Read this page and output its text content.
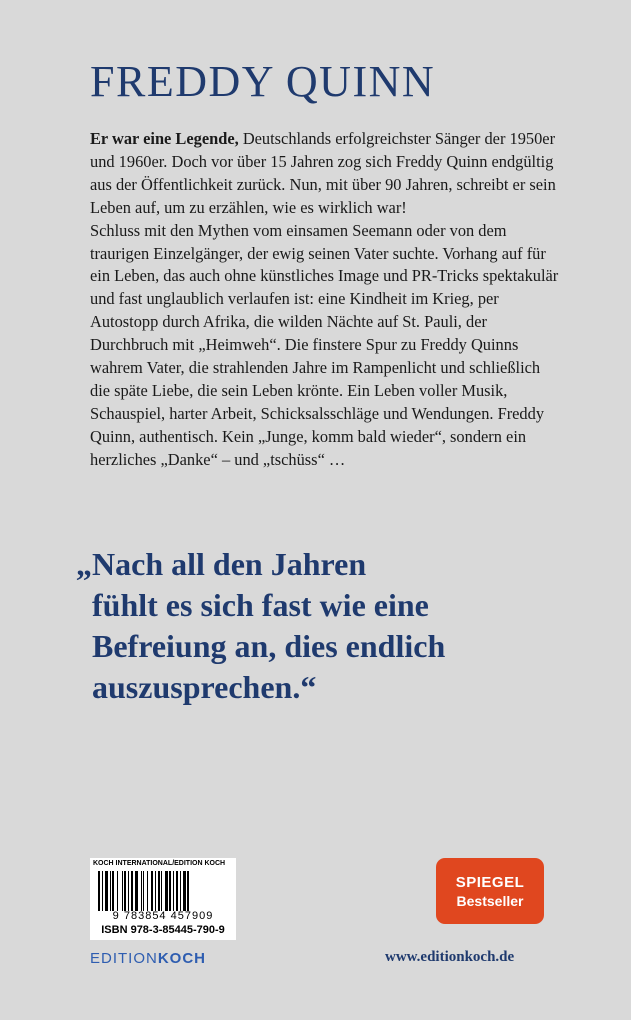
FREDDY QUINN

Er war eine Legende, Deutschlands erfolgreichster Sänger der 1950er und 1960er. Doch vor über 15 Jahren zog sich Freddy Quinn endgültig aus der Öffentlichkeit zurück. Nun, mit über 90 Jahren, schreibt er sein Leben auf, um zu erzählen, wie es wirklich war!

Schluss mit den Mythen vom einsamen Seemann oder von dem traurigen Einzelgänger, der ewig seinen Vater suchte. Vorhang auf für ein Leben, das auch ohne künstliches Image und PR-Tricks spektakulär und fast unglaublich verlaufen ist: eine Kindheit im Krieg, per Autostopp durch Afrika, die wilden Nächte auf St. Pauli, der Durchbruch mit „Heimweh“. Die finstere Spur zu Freddy Quinns wahrem Vater, die strahlenden Jahre im Rampenlicht und schließlich die späte Liebe, die sein Leben krönte. Ein Leben voller Musik, Schauspiel, harter Arbeit, Schicksalsschläge und Wendungen. Freddy Quinn, authentisch. Kein „Junge, komm bald wieder“, sondern ein herzliches „Danke“ – und „tschüss“ …

„Nach all den Jahren
fühlt es sich fast wie eine
Befreiung an, dies endlich
auszusprechen.“
KOCH INTERNATIONAL/EDITION KOCH
9 783854 457909
ISBN 978-3-85445-790-9
SPIEGEL
Bestseller
EDITIONKOCH	www.editionkoch.de
